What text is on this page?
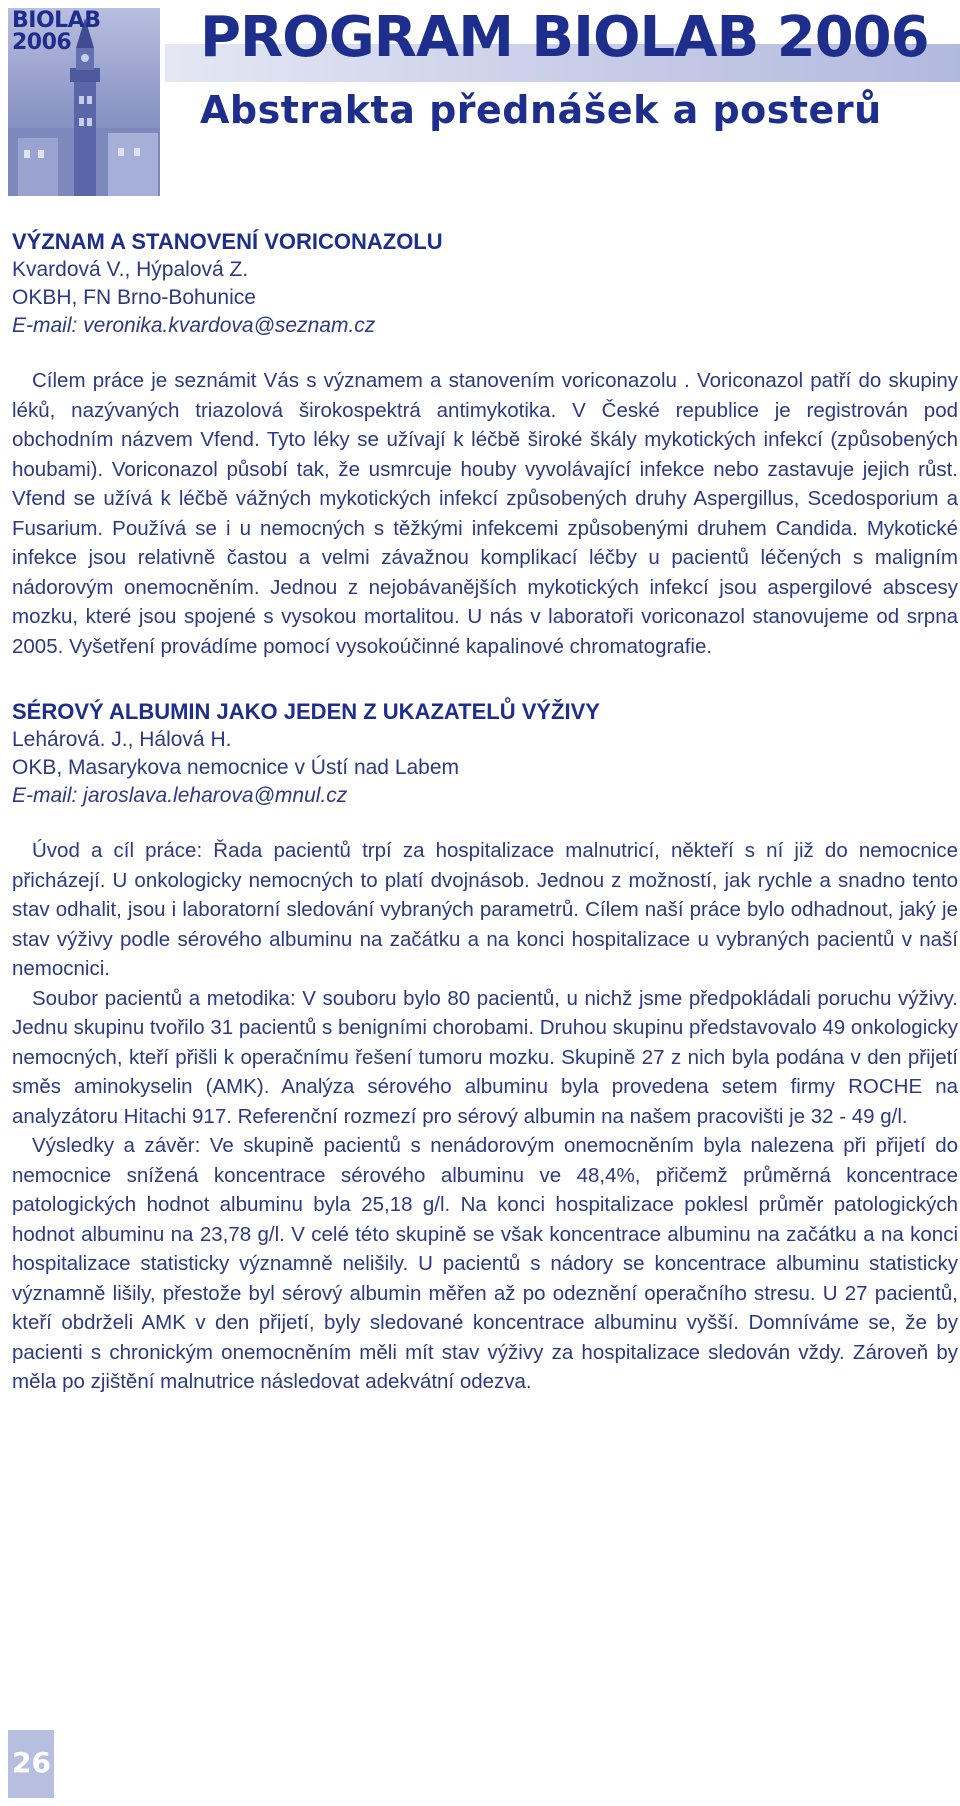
BIOLAB
2006	PROGRAM BIOLAB 2006
Abstrakta přednášek a posterů
VÝZNAM A STANOVENÍ VORICONAZOLU

Kvardová V., Hýpalová Z.

OKBH, FN Brno-Bohunice

E-mail: veronika.kvardova@seznam.cz

Cílem práce je seznámit Vás s významem a stanovením voriconazolu . Voriconazol patří do skupiny léků, nazývaných triazolová širokospektrá antimykotika. V České republice je registrován pod obchodním názvem Vfend. Tyto léky se užívají k léčbě široké škály mykotických infekcí (způsobených houbami). Voriconazol působí tak, že usmrcuje houby vyvolávající infekce nebo zastavuje jejich růst. Vfend se užívá k léčbě vážných mykotických infekcí způsobených druhy Aspergillus, Scedosporium a Fusarium. Používá se i u nemocných s těžkými infekcemi způsobenými druhem Candida. Mykotické infekce jsou relativně častou a velmi závažnou komplikací léčby u pacientů léčených s maligním nádorovým onemocněním. Jednou z nejobávanějších mykotických infekcí jsou aspergilové abscesy mozku, které jsou spojené s vysokou mortalitou. U nás v laboratoři voriconazol stanovujeme od srpna 2005. Vyšetření provádíme pomocí vysokoúčinné kapalinové chromatografie.

SÉROVÝ ALBUMIN JAKO JEDEN Z UKAZATELŮ VÝŽIVY

Lehárová. J., Hálová H.

OKB, Masarykova nemocnice v Ústí nad Labem

E-mail: jaroslava.leharova@mnul.cz

Úvod a cíl práce: Řada pacientů trpí za hospitalizace malnutricí, někteří s ní již do nemocnice přicházejí. U onkologicky nemocných to platí dvojnásob. Jednou z možností, jak rychle a snadno tento stav odhalit, jsou i laboratorní sledování vybraných parametrů. Cílem naší práce bylo odhadnout, jaký je stav výživy podle sérového albuminu na začátku a na konci hospitalizace u vybraných pacientů v naší nemocnici.

Soubor pacientů a metodika: V souboru bylo 80 pacientů, u nichž jsme předpokládali poruchu výživy. Jednu skupinu tvořilo 31 pacientů s benigními chorobami. Druhou skupinu představovalo 49 onkologicky nemocných, kteří přišli k operačnímu řešení tumoru mozku. Skupině 27 z nich byla podána v den přijetí směs aminokyselin (AMK). Analýza sérového albuminu byla provedena setem firmy ROCHE na analyzátoru Hitachi 917. Referenční rozmezí pro sérový albumin na našem pracovišti je 32 - 49 g/l.

Výsledky a závěr: Ve skupině pacientů s nenádorovým onemocněním byla nalezena při přijetí do nemocnice snížená koncentrace sérového albuminu ve 48,4%, přičemž průměrná koncentrace patologických hodnot albuminu byla 25,18 g/l. Na konci hospitalizace poklesl průměr patologických hodnot albuminu na 23,78 g/l. V celé této skupině se však koncentrace albuminu na začátku a na konci hospitalizace statisticky významně nelišily. U pacientů s nádory se koncentrace albuminu statisticky významně lišily, přestože byl sérový albumin měřen až po odeznění operačního stresu. U 27 pacientů, kteří obdrželi AMK v den přijetí, byly sledované koncentrace albuminu vyšší. Domníváme se, že by pacienti s chronickým onemocněním měli mít stav výživy za hospitalizace sledován vždy. Zároveň by měla po zjištění malnutrice následovat adekvátní odezva.

26
